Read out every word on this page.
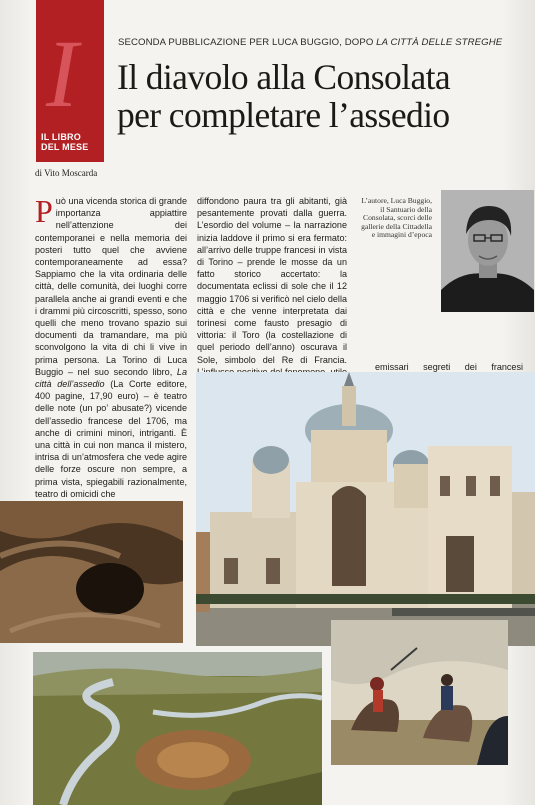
I
IL LIBRO
DEL MESE
SECONDA PUBBLICAZIONE PER LUCA BUGGIO, DOPO LA CITTÀ DELLE STREGHE
Il diavolo alla Consolata
per completare l’assedio
di Vito Moscarda

Può una vicenda storica di grande importanza appiattire nell’attenzione dei contemporanei e nella memoria dei posteri tutto quel che avviene contemporaneamente ad essa? Sappiamo che la vita ordinaria delle città, delle comunità, dei luoghi corre parallela anche ai grandi eventi e che i drammi più circoscritti, spesso, sono quelli che meno trovano spazio sui documenti da tramandare, ma più sconvolgono la vita di chi li vive in prima persona. La Torino di Luca Buggio – nel suo secondo libro, La città dell’assedio (La Corte editore, 400 pagine, 17,90 euro) – è teatro delle note (un po’ abusate?) vicende dell’assedio francese del 1706, ma anche di crimini minori, intriganti. È una città in cui non manca il mistero, intrisa di un’atmosfera che vede agire delle forze oscure non sempre, a prima vista, spiegabili razionalmente, teatro di omicidi che

diffondono paura tra gli abitanti, già pesantemente provati dalla guerra. L’esordio del volume – la narrazione inizia laddove il primo si era fermato: all’arrivo delle truppe francesi in vista di Torino – prende le mosse da un fatto storico accertato: la documentata eclissi di sole che il 12 maggio 1706 si verificò nel cielo della città e che venne interpretata dai torinesi come fausto presagio di vittoria: il Toro (la costellazione di quel periodo dell’anno) oscurava il Sole, simbolo del Re di Francia.

L’autore, Luca Buggio, il Santuario della Consolata, scorci delle gallerie della Cittadella e immagini d’epoca

emissari segreti dei francesi
